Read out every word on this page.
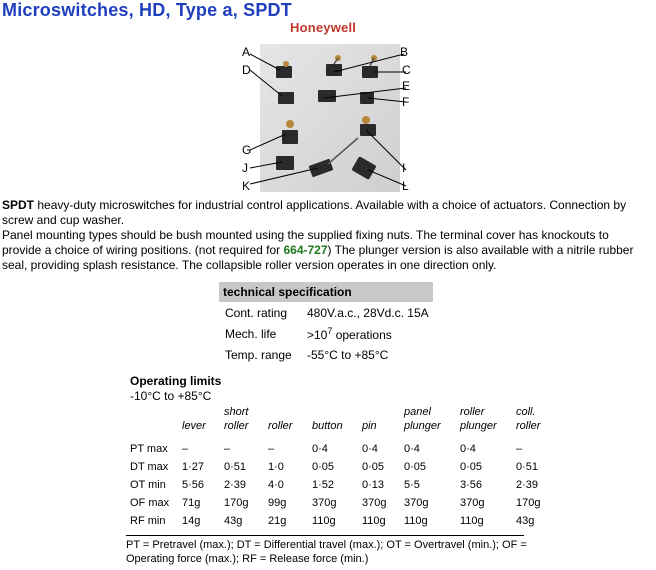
Microswitches, HD, Type a, SPDT
Honeywell
A	B
C
D
E
F
G
I
J
K	L

SPDT heavy-duty microswitches for industrial control applications. Available with a choice of actuators. Connection by screw and cup washer.

Panel mounting types should be bush mounted using the supplied fixing nuts. The terminal cover has knockouts to provide a choice of wiring positions. (not required for 664-727) The plunger version is also available with a nitrile rubber seal, providing splash resistance. The collapsible roller version operates in one direction only.

technical specification
Cont. rating	480V.a.c., 28Vd.c. 15A
Mech. life	$>10^7$ operations
Temp. range	-55°C to +85°C
Operating limits
-10°C to +85°C
		short				panel	roller	coll.
	lever	roller	roller	button	pin	plunger	plunger	roller
PT max	–	–	–	0·4	0·4	0·4	0·4	–
DT max	1·27	0·51	1·0	0·05	0·05	0·05	0·05	0·51
OT min	5·56	2·39	4·0	1·52	0·13	5·5	3·56	2·39
OF max	71g	170g	99g	370g	370g	370g	370g	170g
RF min	14g	43g	21g	110g	110g	110g	110g	43g
PT = Pretravel (max.); DT = Differential travel (max.); OT = Overtravel (min.); OF = Operating force (max.); RF = Release force (min.)
